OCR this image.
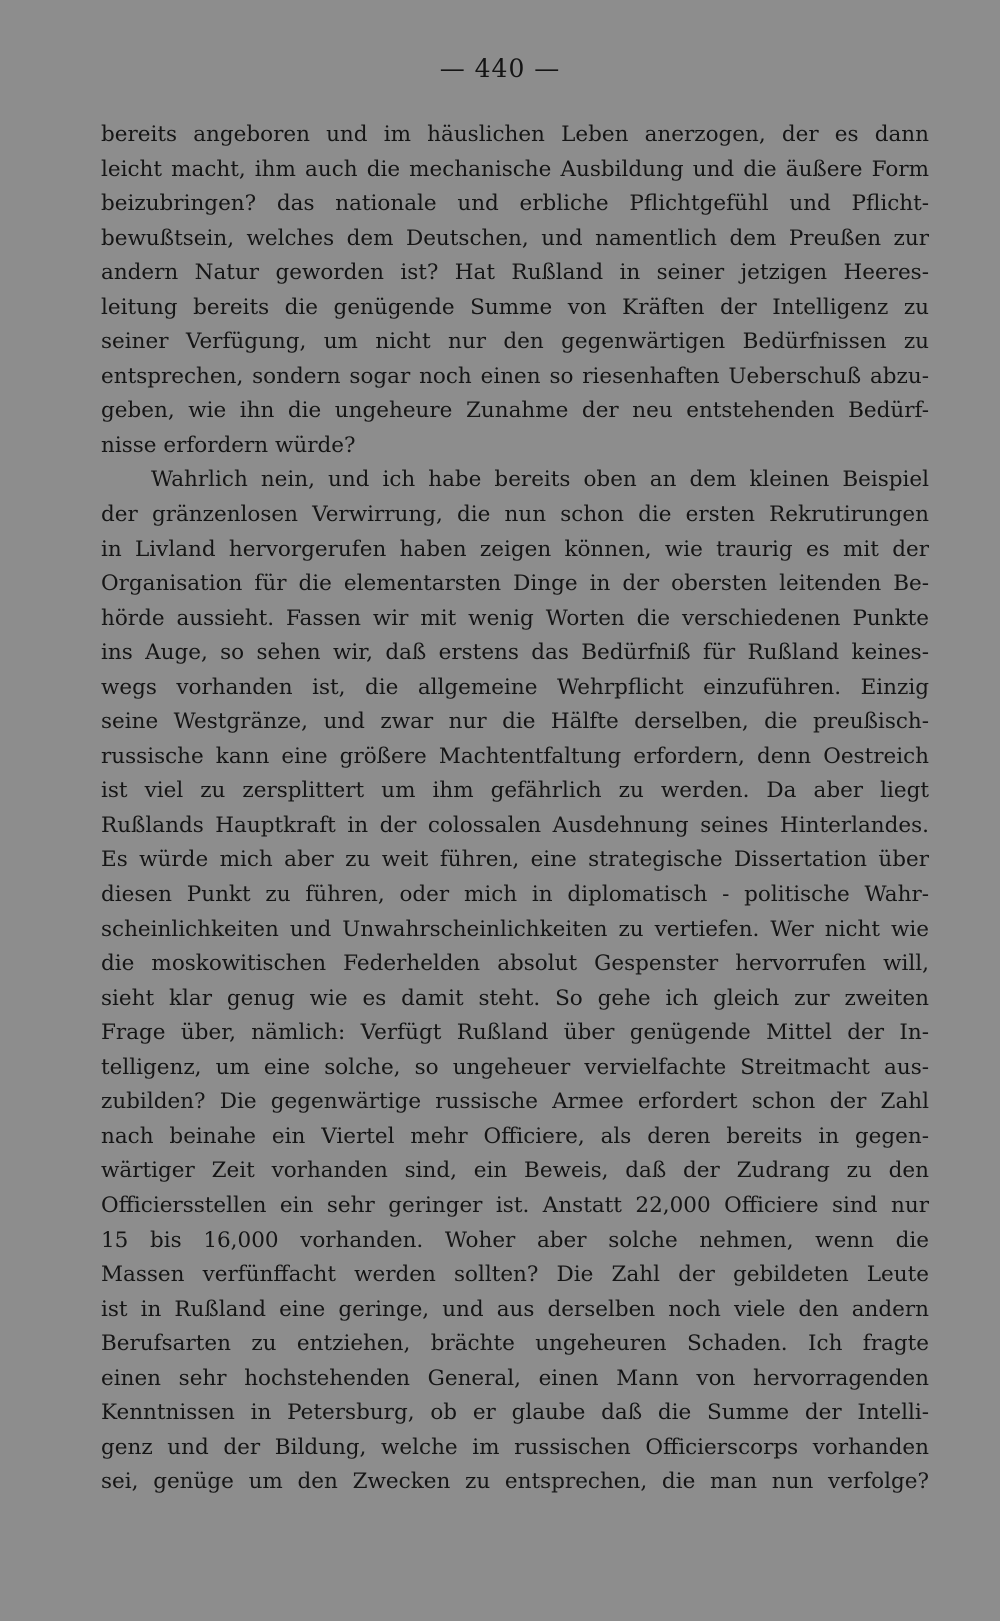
— 440 —
bereits angeboren und im häuslichen Leben anerzogen, der es dann
leicht macht, ihm auch die mechanische Ausbildung und die äußere Form
beizubringen? das nationale und erbliche Pflichtgefühl und Pflicht-
bewußtsein, welches dem Deutschen, und namentlich dem Preußen zur
andern Natur geworden ist? Hat Rußland in seiner jetzigen Heeres-
leitung bereits die genügende Summe von Kräften der Intelligenz zu
seiner Verfügung, um nicht nur den gegenwärtigen Bedürfnissen zu
entsprechen, sondern sogar noch einen so riesenhaften Ueberschuß abzu-
geben, wie ihn die ungeheure Zunahme der neu entstehenden Bedürf-
nisse erfordern würde?
Wahrlich nein, und ich habe bereits oben an dem kleinen Beispiel
der gränzenlosen Verwirrung, die nun schon die ersten Rekrutirungen
in Livland hervorgerufen haben zeigen können, wie traurig es mit der
Organisation für die elementarsten Dinge in der obersten leitenden Be-
hörde aussieht. Fassen wir mit wenig Worten die verschiedenen Punkte
ins Auge, so sehen wir, daß erstens das Bedürfniß für Rußland keines-
wegs vorhanden ist, die allgemeine Wehrpflicht einzuführen. Einzig
seine Westgränze, und zwar nur die Hälfte derselben, die preußisch-
russische kann eine größere Machtentfaltung erfordern, denn Oestreich
ist viel zu zersplittert um ihm gefährlich zu werden. Da aber liegt
Rußlands Hauptkraft in der colossalen Ausdehnung seines Hinterlandes.
Es würde mich aber zu weit führen, eine strategische Dissertation über
diesen Punkt zu führen, oder mich in diplomatisch - politische Wahr-
scheinlichkeiten und Unwahrscheinlichkeiten zu vertiefen. Wer nicht wie
die moskowitischen Federhelden absolut Gespenster hervorrufen will,
sieht klar genug wie es damit steht. So gehe ich gleich zur zweiten
Frage über, nämlich: Verfügt Rußland über genügende Mittel der In-
telligenz, um eine solche, so ungeheuer vervielfachte Streitmacht aus-
zubilden? Die gegenwärtige russische Armee erfordert schon der Zahl
nach beinahe ein Viertel mehr Officiere, als deren bereits in gegen-
wärtiger Zeit vorhanden sind, ein Beweis, daß der Zudrang zu den
Officiersstellen ein sehr geringer ist. Anstatt 22,000 Officiere sind nur
15 bis 16,000 vorhanden. Woher aber solche nehmen, wenn die
Massen verfünffacht werden sollten? Die Zahl der gebildeten Leute
ist in Rußland eine geringe, und aus derselben noch viele den andern
Berufsarten zu entziehen, brächte ungeheuren Schaden. Ich fragte
einen sehr hochstehenden General, einen Mann von hervorragenden
Kenntnissen in Petersburg, ob er glaube daß die Summe der Intelli-
genz und der Bildung, welche im russischen Officierscorps vorhanden
sei, genüge um den Zwecken zu entsprechen, die man nun verfolge?
